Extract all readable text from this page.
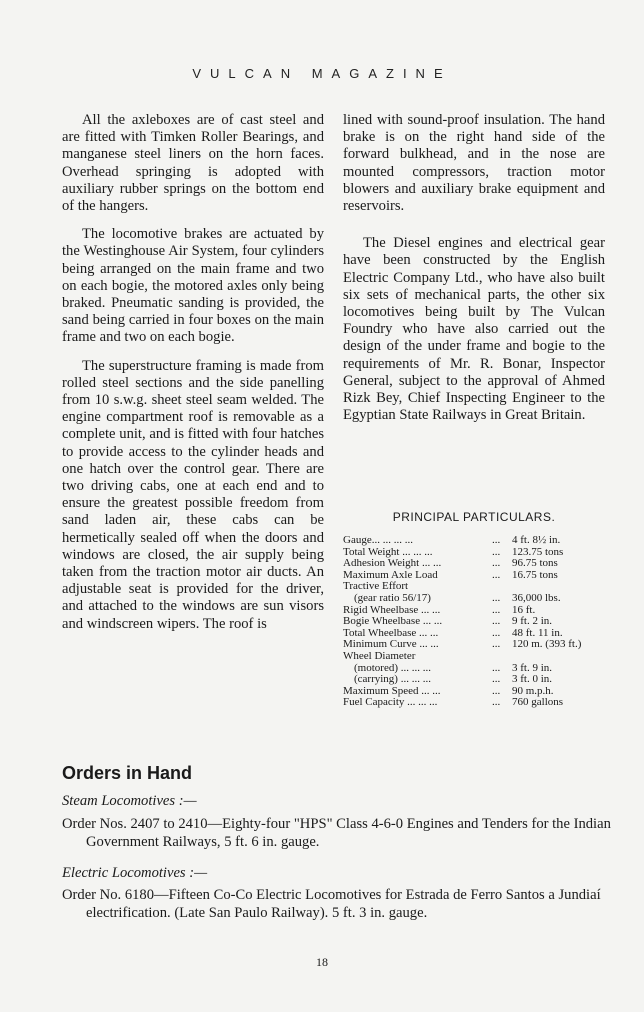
VULCAN MAGAZINE

All the axleboxes are of cast steel and are fitted with Timken Roller Bearings, and manganese steel liners on the horn faces. Overhead springing is adopted with auxiliary rubber springs on the bottom end of the hangers.

The locomotive brakes are actuated by the Westinghouse Air System, four cylinders being arranged on the main frame and two on each bogie, the motored axles only being braked. Pneumatic sanding is provided, the sand being carried in four boxes on the main frame and two on each bogie.

The superstructure framing is made from rolled steel sections and the side panelling from 10 s.w.g. sheet steel seam welded. The engine compartment roof is removable as a complete unit, and is fitted with four hatches to provide access to the cylinder heads and one hatch over the control gear. There are two driving cabs, one at each end and to ensure the greatest possible freedom from sand laden air, these cabs can be hermetically sealed off when the doors and windows are closed, the air supply being taken from the traction motor air ducts. An adjustable seat is provided for the driver, and attached to the windows are sun visors and windscreen wipers. The roof is

lined with sound-proof insulation. The hand brake is on the right hand side of the forward bulkhead, and in the nose are mounted compressors, traction motor blowers and auxiliary brake equipment and reservoirs.

The Diesel engines and electrical gear have been constructed by the English Electric Company Ltd., who have also built six sets of mechanical parts, the other six locomotives being built by The Vulcan Foundry who have also carried out the design of the under frame and bogie to the requirements of Mr. R. Bonar, Inspector General, subject to the approval of Ahmed Rizk Bey, Chief Inspecting Engineer to the Egyptian State Railways in Great Britain.

PRINCIPAL PARTICULARS.
Gauge... ... ... ...	...	4 ft. 8½ in.
Total Weight ... ... ...	...	123.75 tons
Adhesion Weight ... ...	...	96.75 tons
Maximum Axle Load	...	16.75 tons
Tractive Effort		
(gear ratio 56/17)	...	36,000 lbs.
Rigid Wheelbase ... ...	...	16 ft.
Bogie Wheelbase ... ...	...	9 ft. 2 in.
Total Wheelbase ... ...	...	48 ft. 11 in.
Minimum Curve ... ...	...	120 m. (393 ft.)
Wheel Diameter		
(motored) ... ... ...	...	3 ft. 9 in.
(carrying) ... ... ...	...	3 ft. 0 in.
Maximum Speed ... ...	...	90 m.p.h.
Fuel Capacity ... ... ...	...	760 gallons
Orders in Hand
Steam Locomotives :—
Order Nos. 2407 to 2410—Eighty-four "HPS" Class 4-6-0 Engines and Tenders for the Indian Government Railways, 5 ft. 6 in. gauge.
Electric Locomotives :—
Order No. 6180—Fifteen Co-Co Electric Locomotives for Estrada de Ferro Santos a Jundiaí electrification. (Late San Paulo Railway). 5 ft. 3 in. gauge.
18
